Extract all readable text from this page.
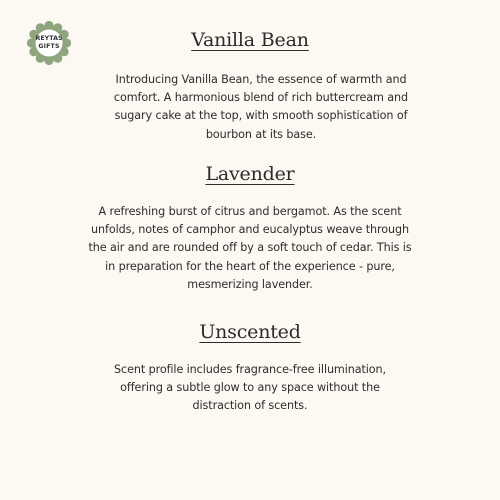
REYTAS
GIFTS	Vanilla Bean

Introducing Vanilla Bean, the essence of warmth and comfort. A harmonious blend of rich buttercream and sugary cake at the top, with smooth sophistication of bourbon at its base.

Lavender

A refreshing burst of citrus and bergamot. As the scent unfolds, notes of camphor and eucalyptus weave through the air and are rounded off by a soft touch of cedar. This is in preparation for the heart of the experience - pure, mesmerizing lavender.

Unscented

Scent profile includes fragrance-free illumination, offering a subtle glow to any space without the distraction of scents.
